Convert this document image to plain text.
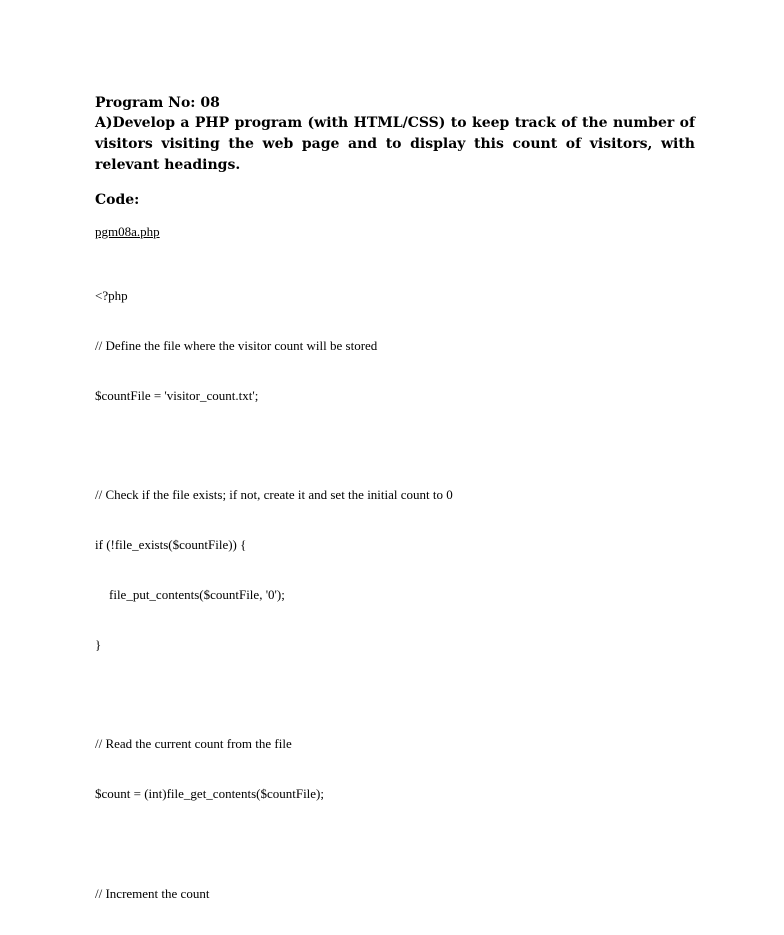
Program No: 08
A)Develop a PHP program (with HTML/CSS) to keep track of the number of visitors visiting the web page and to display this count of visitors, with relevant headings.
Code:
pgm08a.php

<?php

// Define the file where the visitor count will be stored

$countFile = 'visitor_count.txt';

// Check if the file exists; if not, create it and set the initial count to 0

if (!file_exists($countFile)) {

file_put_contents($countFile, '0');

}

// Read the current count from the file

$count = (int)file_get_contents($countFile);

// Increment the count
